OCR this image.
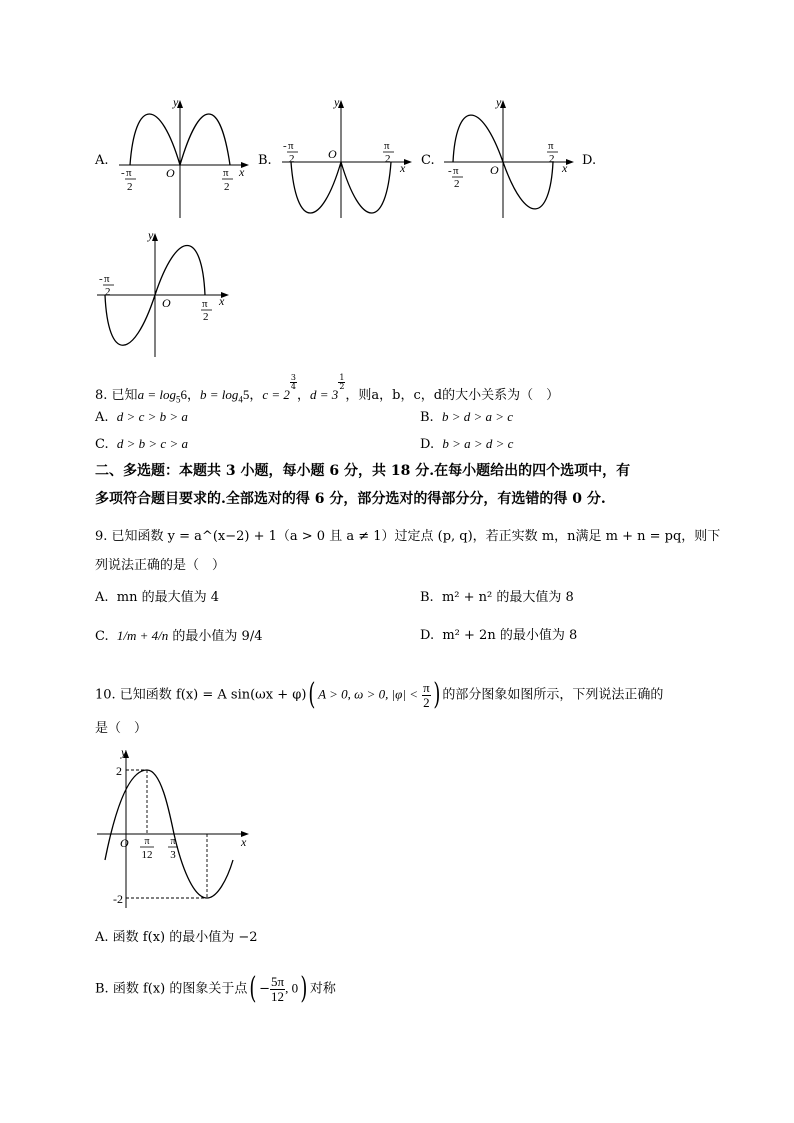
A.	B.	C.	D.
y
x
O
- π
2
π
2
y
x
O
- π
2
π
2
y
x
O
- π
2
π
2
y
x
O
- π
2
π
2
8. 已知$a = \log_56$，$b = \log_45$，c = 2
$^{\frac{3}{4}}$
，d = 3
$^{\frac{1}{2}}$
，则a，b，c，d的大小关系为（　）
A. d > c > b > a	B. b > d > a > c
C. d > b > c > a	D. b > a > d > c
二、多选题：本题共 3 小题，每小题 6 分，共 18 分.在每小题给出的四个选项中，有
多项符合题目要求的.全部选对的得 6 分，部分选对的得部分分，有选错的得 0 分.
9. 已知函数 y = a^(x−2) + 1（a > 0 且 a ≠ 1）过定点 (p, q)，若正实数 m，n满足 m + n = pq，则下
列说法正确的是（　）
A. mn 的最大值为 4	B. m² + n² 的最大值为 8
C. 1/m + 4/n 的最小值为 9/4	D. m² + 2n 的最小值为 8
10. 已知函数 f(x) = A sin(ωx + φ)( A > 0, ω > 0, $|\varphi| < \frac{\pi}{2}$ ) 的部分图象如图所示，下列说法正确的
是（　）
y
x
O
2
-2
π
12
π
3
A. 函数 f(x) 的最小值为 −2
B. 函数 f(x) 的图象关于点( − $\frac{5\pi}{12}$ , 0) 对称
